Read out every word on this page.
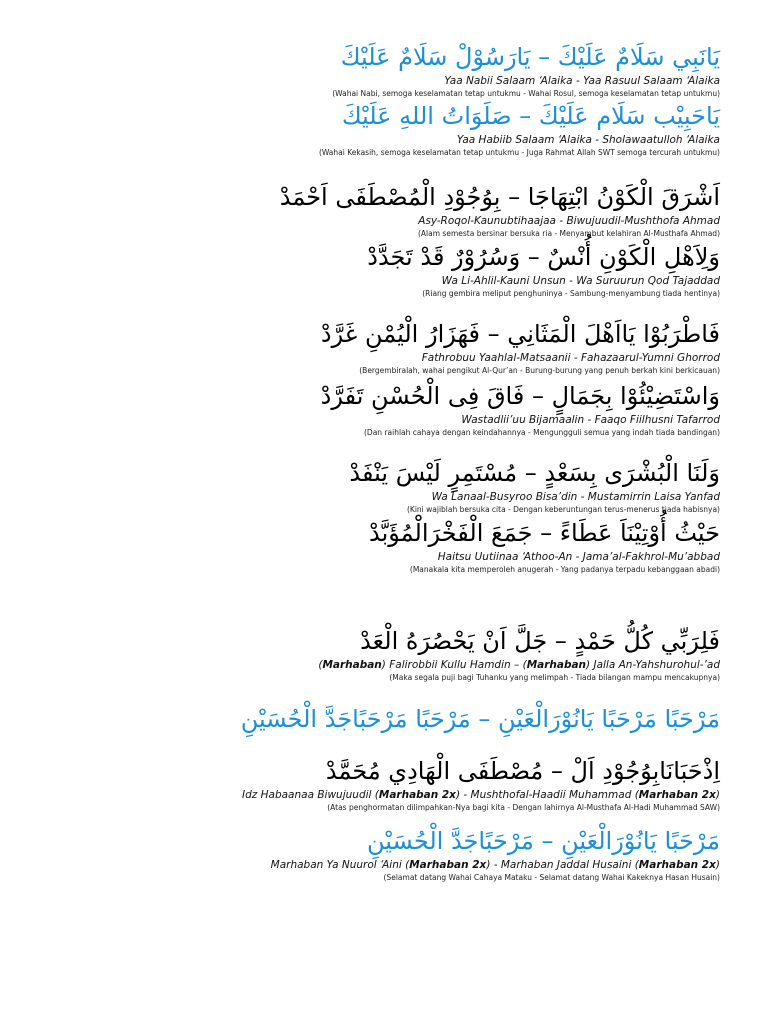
يَانَبِي سَلَامٌ عَلَيْكَ – يَارَسُوْلْ سَلَامٌ عَلَيْكَ
Yaa Nabii Salaam ‘Alaika - Yaa Rasuul Salaam ‘Alaika
(Wahai Nabi, semoga keselamatan tetap untukmu - Wahai Rosul, semoga keselamatan tetap untukmu)
يَاحَبِيْب سَلَام عَلَيْكَ – صَلَوَاتُ اللهِ عَلَيْكَ
Yaa Habiib Salaam ‘Alaika - Sholawaatulloh ‘Alaika
(Wahai Kekasih, semoga keselamatan tetap untukmu - Juga Rahmat Allah SWT semoga tercurah untukmu)
اَشْرَقَ الْكَوْنُ ابْتِهَاجَا – بِوُجُوْدِ الْمُصْطَفَى اَحْمَدْ
Asy-Roqol-Kaunubtihaajaa - Biwujuudil-Mushthofa Ahmad
(Alam semesta bersinar bersuka ria - Menyambut kelahiran Al-Musthafa Ahmad)
وَلِاَهْلِ الْكَوْنِ أُنْسٌ – وَسُرُوْرٌ قَدْ تَجَدَّدْ
Wa Li-Ahlil-Kauni Unsun - Wa Suruurun Qod Tajaddad
(Riang gembira meliput penghuninya - Sambung-menyambung tiada hentinya)
فَاطْرَبُوْا يَااَهْلَ الْمَثَانِي – فَهَزَارُ الْيُمْنِ غَرَّدْ
Fathrobuu Yaahlal-Matsaanii - Fahazaarul-Yumni Ghorrod
(Bergembiralah, wahai pengikut Al-Qur’an - Burung-burung yang penuh berkah kini berkicauan)
وَاسْتَضِيْئُوْا بِجَمَالٍ – فَاقَ فِى الْحُسْنِ تَفَرَّدْ
Wastadlii’uu Bijamaalin - Faaqo Fiilhusni Tafarrod
(Dan raihlah cahaya dengan keindahannya - Mengungguli semua yang indah tiada bandingan)
وَلَنَا الْبُشْرَى بِسَعْدٍ – مُسْتَمِرٍ لَيْسَ يَنْفَدْ
Wa Lanaal-Busyroo Bisa’din - Mustamirrin Laisa Yanfad
(Kini wajiblah bersuka cita - Dengan keberuntungan terus-menerus tiada habisnya)
حَيْثُ أُوْتِيْنَاَ عَطَاءً – جَمَعَ الْفَخْرَالْمُؤَبَّدْ
Haitsu Uutiinaa ‘Athoo-An - Jama’al-Fakhrol-Mu’abbad
(Manakala kita memperoleh anugerah - Yang padanya terpadu kebanggaan abadi)
فَلِرَبِّي كُلُّ حَمْدٍ – جَلَّ اَنْ يَحْصُرَهُ الْعَدْ
(Marhaban) Falirobbii Kullu Hamdin – (Marhaban) Jalla An-Yahshurohul-’ad
(Maka segala puji bagi Tuhanku yang melimpah - Tiada bilangan mampu mencakupnya)
مَرْحَبًا مَرْحَبًا يَانُوْرَالْعَيْنِ – مَرْحَبًا مَرْحَبًاجَدَّ الْحُسَيْنِ
اِذْحَبَانَابِوُجُوْدِ اَلْ – مُصْطَفَى الْهَادِي مُحَمَّدْ
Idz Habaanaa Biwujuudil (Marhaban 2x) - Mushthofal-Haadii Muhammad (Marhaban 2x)
(Atas penghormatan dilimpahkan-Nya bagi kita - Dengan lahirnya Al-Musthafa Al-Hadi Muhammad SAW)
مَرْحَبًا يَانُوْرَالْعَيْنِ – مَرْحَبًاجَدَّ الْحُسَيْنِ
Marhaban Ya Nuurol ‘Aini (Marhaban 2x) - Marhaban Jaddal Husaini (Marhaban 2x)
(Selamat datang Wahai Cahaya Mataku - Selamat datang Wahai Kakeknya Hasan Husain)
